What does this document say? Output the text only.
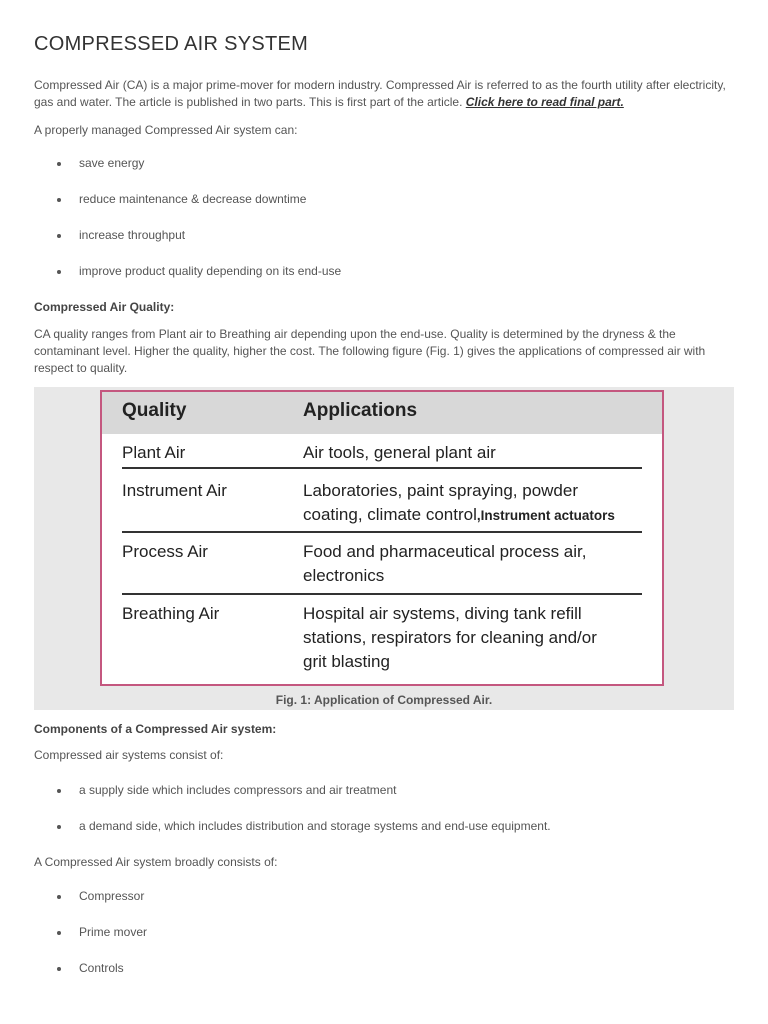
COMPRESSED AIR SYSTEM

Compressed Air (CA) is a major prime-mover for modern industry. Compressed Air is referred to as the fourth utility after electricity, gas and water. The article is published in two parts. This is first part of the article. Click here to read final part.

A properly managed Compressed Air system can:

save energy
reduce maintenance & decrease downtime
increase throughput
improve product quality depending on its end-use

Compressed Air Quality:

CA quality ranges from Plant air to Breathing air depending upon the end-use. Quality is determined by the dryness & the contaminant level. Higher the quality, higher the cost. The following figure (Fig. 1) gives the applications of compressed air with respect to quality.

Quality	Applications
Plant Air	Air tools, general plant air
Instrument Air	Laboratories, paint spraying, powder
coating, climate control,Instrument actuators
Process Air	Food and pharmaceutical process air,
electronics
Breathing Air	Hospital air systems, diving tank refill
stations, respirators for cleaning and/or
grit blasting
Fig. 1: Application of Compressed Air.

Components of a Compressed Air system:

Compressed air systems consist of:

a supply side which includes compressors and air treatment
a demand side, which includes distribution and storage systems and end-use equipment.

A Compressed Air system broadly consists of:

Compressor
Prime mover
Controls
